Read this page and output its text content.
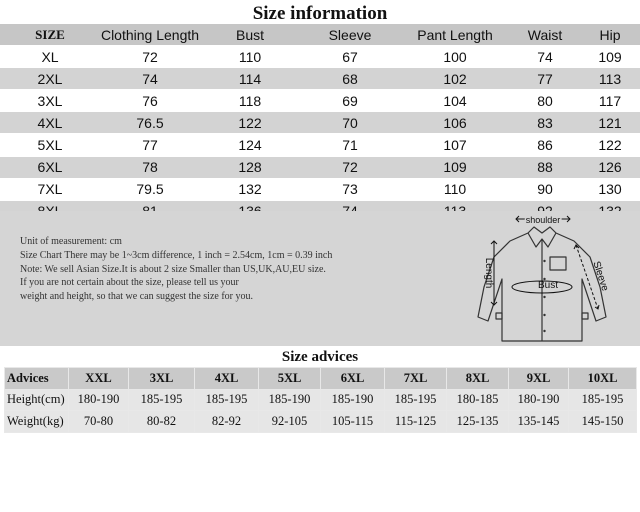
Size information
SIZE	Clothing Length	Bust	Sleeve	Pant Length	Waist	Hip
XL	72	110	67	100	74	109
2XL	74	114	68	102	77	113
3XL	76	118	69	104	80	117
4XL	76.5	122	70	106	83	121
5XL	77	124	71	107	86	122
6XL	78	128	72	109	88	126
7XL	79.5	132	73	110	90	130

Unit of measurement: cm
Size Chart There may be 1~3cm difference, 1 inch = 2.54cm, 1cm = 0.39 inch
Note: We sell Asian Size.It is about 2 size Smaller than US,UK,AU,EU size.
If you are not certain about the size, please tell us your
weight and height, so that we can suggest the size for you.
shoulder
Bust
Length	Sleeve
Size advices
Advices	XXL	3XL	4XL	5XL	6XL	7XL	8XL	9XL	10XL
Height(cm)	180-190	185-195	185-195	185-190	185-190	185-195	180-185	180-190	185-195
Weight(kg)	70-80	80-82	82-92	92-105	105-115	115-125	125-135	135-145	145-150
